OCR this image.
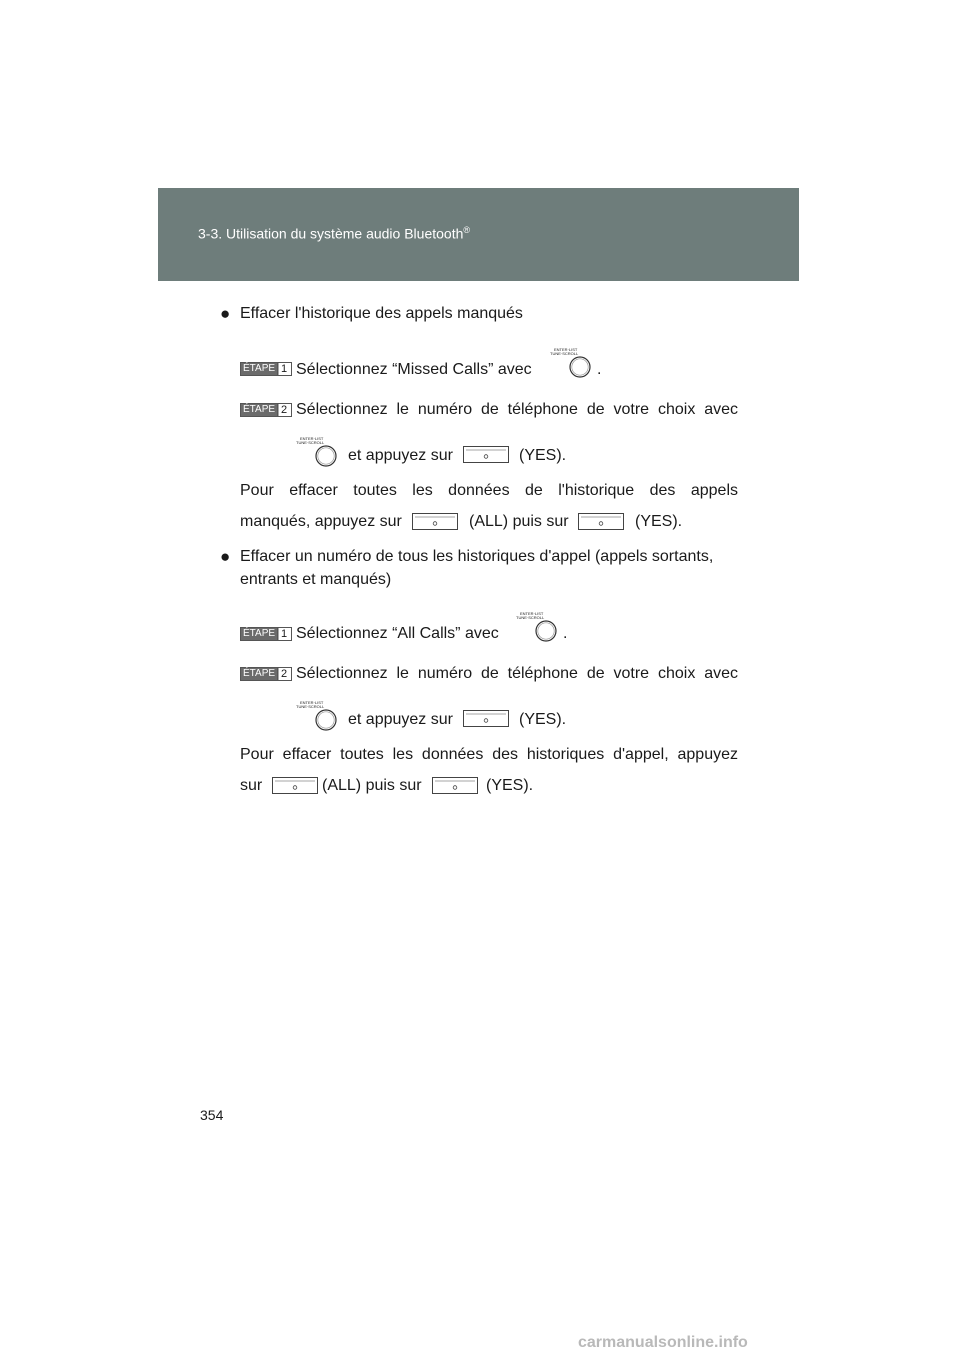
3-3. Utilisation du système audio Bluetooth®
● Effacer l'historique des appels manqués
ÉTAPE 1 Sélectionnez “Missed Calls” avec
ENTER·LIST
TUNE·SCROLL
.
ÉTAPE 2 Sélectionnez le numéro de téléphone de votre choix avec
ENTER·LIST
TUNE·SCROLL
et appuyez sur	(YES).
Pour effacer toutes les données de l'historique des appels
manqués, appuyez sur	(ALL) puis sur	(YES).
● Effacer un numéro de tous les historiques d'appel (appels sortants,
entrants et manqués)
ÉTAPE 1 Sélectionnez “All Calls” avec
ENTER·LIST
TUNE·SCROLL
.
ÉTAPE 2 Sélectionnez le numéro de téléphone de votre choix avec
ENTER·LIST
TUNE·SCROLL
et appuyez sur	(YES).
Pour effacer toutes les données des historiques d'appel, appuyez
sur	(ALL) puis sur	(YES).
354
carmanualsonline.info
